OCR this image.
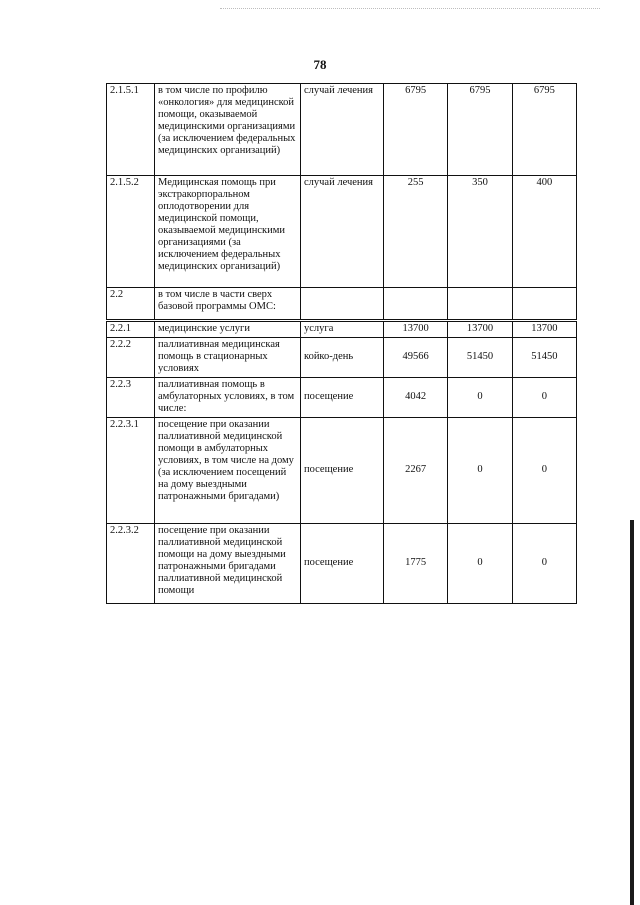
78
2.1.5.1	в том числе по профилю «онкология» для медицинской помощи, оказываемой медицинскими организациями (за исключением федеральных медицинских организаций)	случай лечения	6795	6795	6795
2.1.5.2	Медицинская помощь при экстракорпоральном оплодотворении для медицинской помощи, оказываемой медицинскими организациями (за исключением федеральных медицинских организаций)	случай лечения	255	350	400
2.2	в том числе в части сверх базовой программы ОМС:				
2.2.1	медицинские услуги	услуга	13700	13700	13700
2.2.2	паллиативная медицинская помощь в стационарных условиях	койко-день	49566	51450	51450
2.2.3	паллиативная помощь в амбулаторных условиях, в том числе:	посещение	4042	0	0
2.2.3.1	посещение при оказании паллиативной медицинской помощи в амбулаторных условиях, в том числе на дому (за исключением посещений на дому выездными патронажными бригадами)	посещение	2267	0	0
2.2.3.2	посещение при оказании паллиативной медицинской помощи на дому выездными патронажными бригадами паллиативной медицинской помощи	посещение	1775	0	0
